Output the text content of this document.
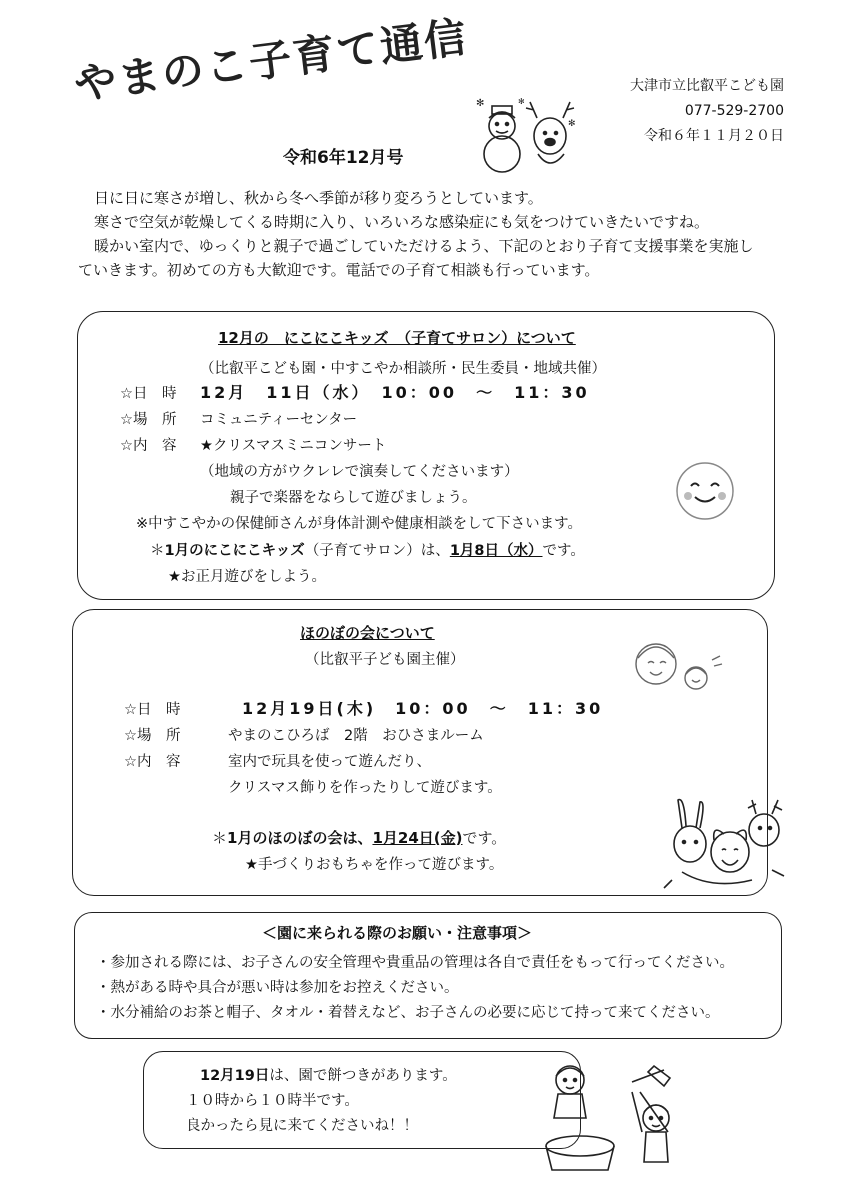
やまのこ子育て通信
令和6年12月号
大津市立比叡平こども園
077-529-2700
令和６年１１月２０日
✻
✻
✻

日に日に寒さが増し、秋から冬へ季節が移り変ろうとしています。

寒さで空気が乾燥してくる時期に入り、いろいろな感染症にも気をつけていきたいですね。

暖かい室内で、ゆっくりと親子で過ごしていただけるよう、下記のとおり子育て支援事業を実施し

ていきます。初めての方も大歓迎です。電話での子育て相談も行っています。

12月の　にこにこキッズ　（子育てサロン）について
（比叡平こども園・中すこやか相談所・民生委員・地域共催）
☆日　時 12月　11日（水）　10：00　～　11：30
☆場　所 コミュニティーセンター
☆内　容 ★クリスマスミニコンサート
（地域の方がウクレレで演奏してくださいます）
親子で楽器をならして遊びましょう。
※中すこやかの保健師さんが身体計測や健康相談をして下さいます。
＊1月のにこにこキッズ（子育てサロン）は、1月8日（水）です。
★お正月遊びをしよう。
ほのぼの会について
（比叡平子ども園主催）
☆日　時	12月19日(木)　10：00　～　11：30
☆場　所	やまのこひろば　2階　おひさまルーム
☆内　容	室内で玩具を使って遊んだり、
クリスマス飾りを作ったりして遊びます。
＊1月のほのぼの会は、1月24日(金)です。
★手づくりおもちゃを作って遊びます。
＜園に来られる際のお願い・注意事項＞
・参加される際には、お子さんの安全管理や貴重品の管理は各自で責任をもって行ってください。
・熱がある時や具合が悪い時は参加をお控えください。
・水分補給のお茶と帽子、タオル・着替えなど、お子さんの必要に応じて持って来てください。
12月19日は、園で餅つきがあります。
１０時から１０時半です。
良かったら見に来てくださいね！！
